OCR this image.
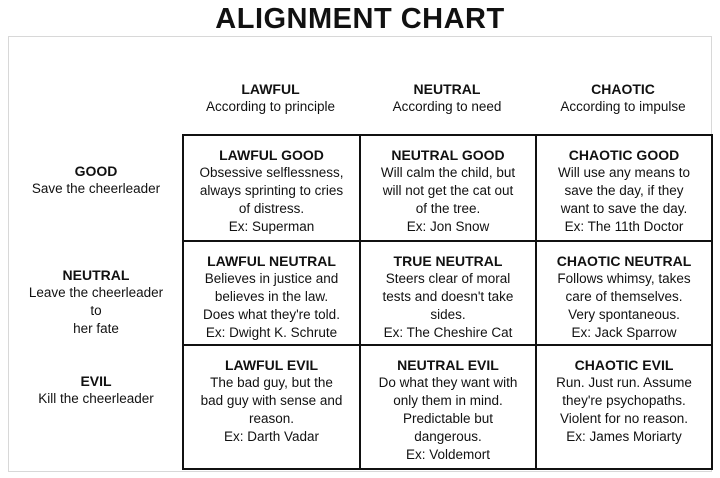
ALIGNMENT CHART
LAWFUL
According to principle
NEUTRAL
According to need
CHAOTIC
According to impulse
GOOD
Save the cheerleader
NEUTRAL
Leave the cheerleader
to
her fate
EVIL
Kill the cheerleader
LAWFUL GOOD
Obsessive selflessness,
always sprinting to cries
of distress.
Ex: Superman
NEUTRAL GOOD
Will calm the child, but
will not get the cat out
of the tree.
Ex: Jon Snow
CHAOTIC GOOD
Will use any means to
save the day, if they
want to save the day.
Ex: The 11th Doctor
LAWFUL NEUTRAL
Believes in justice and
believes in the law.
Does what they're told.
Ex: Dwight K. Schrute
TRUE NEUTRAL
Steers clear of moral
tests and doesn't take
sides.
Ex: The Cheshire Cat
CHAOTIC NEUTRAL
Follows whimsy, takes
care of themselves.
Very spontaneous.
Ex: Jack Sparrow
LAWFUL EVIL
The bad guy, but the
bad guy with sense and
reason.
Ex: Darth Vadar
NEUTRAL EVIL
Do what they want with
only them in mind.
Predictable but
dangerous.
Ex: Voldemort
CHAOTIC EVIL
Run. Just run. Assume
they're psychopaths.
Violent for no reason.
Ex: James Moriarty
